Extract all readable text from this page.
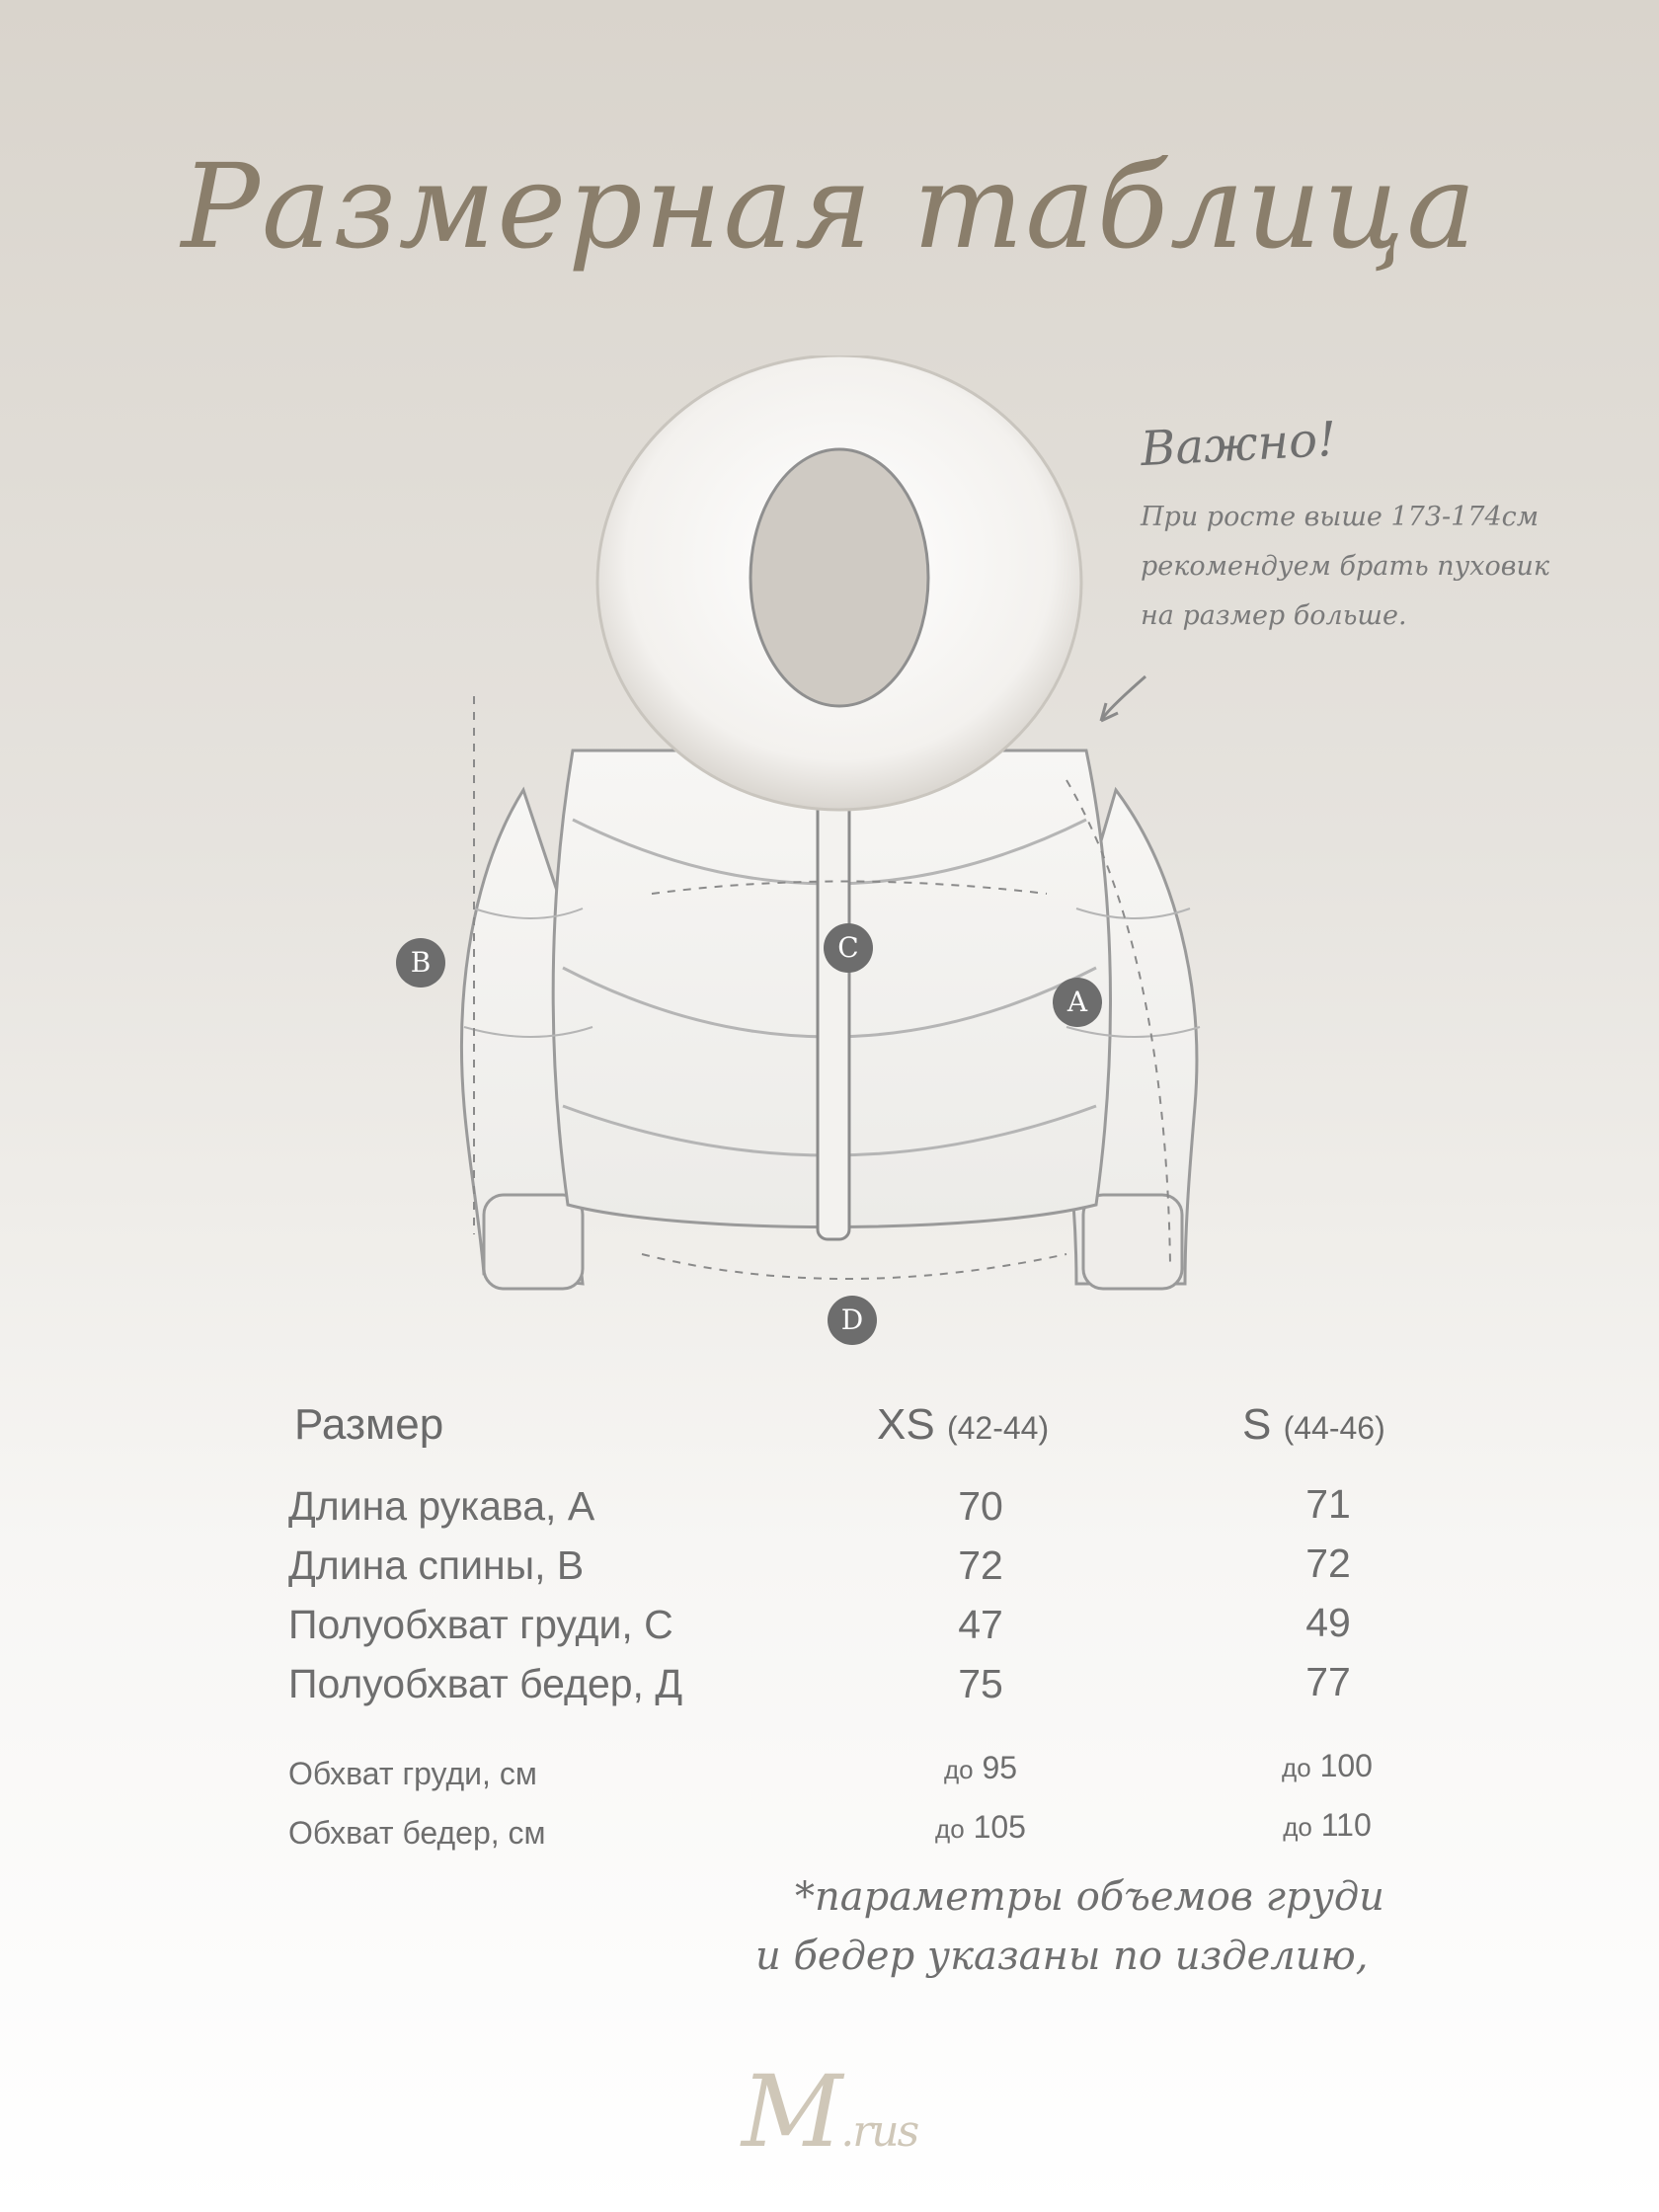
Размерная таблица
Важно!
При росте выше 173-174см
рекомендуем брать пуховик
на размер больше.
B	C
A
D
Размер	XS (42-44)	S (44-46)
Длина рукава, А	70	71
Длина спины, В	72	72
Полуобхват груди, С	47	49
Полуобхват бедер, Д	75	77
Обхват груди, см	до 95	до 100
Обхват бедер, см	до 105	до 110
*параметры объемов груди
и бедер указаны по изделию,
M.rus
